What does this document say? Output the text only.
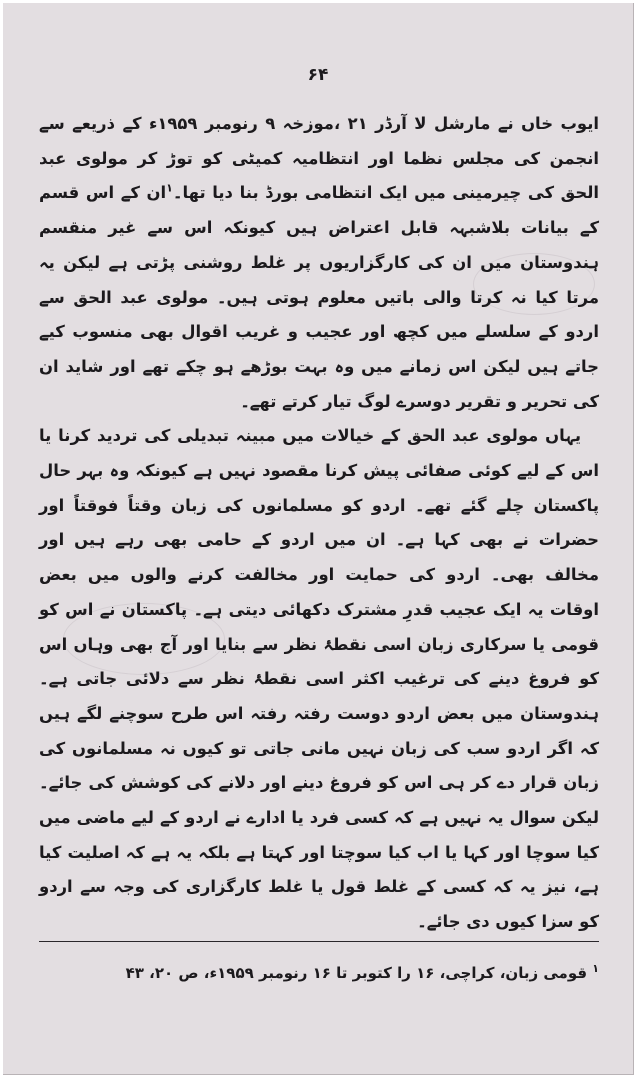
۶۴

ایوب خاں نے مارشل لا آرڈر ۲۱ ،موزخہ ۹ رنومبر ۱۹۵۹ء کے ذریعے سے انجمن کی مجلس نظما اور انتظامیہ کمیٹی کو توڑ کر مولوی عبد الحق کی چیرمینی میں ایک انتظامی بورڈ بنا دیا تھا۔$^۱$ان کے اس قسم کے بیانات بلاشبہہ قابل اعتراض ہیں کیونکہ اس سے غیر منقسم ہندوستان میں ان کی کارگزاریوں پر غلط روشنی پڑتی ہے لیکن یہ مرتا کیا نہ کرتا والی باتیں معلوم ہوتی ہیں۔ مولوی عبد الحق سے اردو کے سلسلے میں کچھ اور عجیب و غریب اقوال بھی منسوب کیے جاتے ہیں لیکن اس زمانے میں وہ بہت بوڑھے ہو چکے تھے اور شاید ان کی تحریر و تقریر دوسرے لوگ تیار کرتے تھے۔

یہاں مولوی عبد الحق کے خیالات میں مبینہ تبدیلی کی تردید کرنا یا اس کے لیے کوئی صفائی پیش کرنا مقصود نہیں ہے کیونکہ وہ بہر حال پاکستان چلے گئے تھے۔ اردو کو مسلمانوں کی زبان وقتاً فوقتاً اور حضرات نے بھی کہا ہے۔ ان میں اردو کے حامی بھی رہے ہیں اور مخالف بھی۔ اردو کی حمایت اور مخالفت کرنے والوں میں بعض اوقات یہ ایک عجیب قدرِ مشترک دکھائی دیتی ہے۔ پاکستان نے اس کو قومی یا سرکاری زبان اسی نقطۂ نظر سے بنایا اور آج بھی وہاں اس کو فروغ دینے کی ترغیب اکثر اسی نقطۂ نظر سے دلائی جاتی ہے۔ ہندوستان میں بعض اردو دوست رفتہ رفتہ اس طرح سوچنے لگے ہیں کہ اگر اردو سب کی زبان نہیں مانی جاتی تو کیوں نہ مسلمانوں کی زبان قرار دے کر ہی اس کو فروغ دینے اور دلانے کی کوشش کی جائے۔ لیکن سوال یہ نہیں ہے کہ کسی فرد یا ادارے نے اردو کے لیے ماضی میں کیا سوچا اور کہا یا اب کیا سوچتا اور کہتا ہے بلکہ یہ ہے کہ اصلیت کیا ہے، نیز یہ کہ کسی کے غلط قول یا غلط کارگزاری کی وجہ سے اردو کو سزا کیوں دی جائے۔

$^۱$ قومی زبان، کراچی، ۱۶ را کتوبر تا ۱۶ رنومبر ۱۹۵۹ء، ص ۲۰، ۴۳
